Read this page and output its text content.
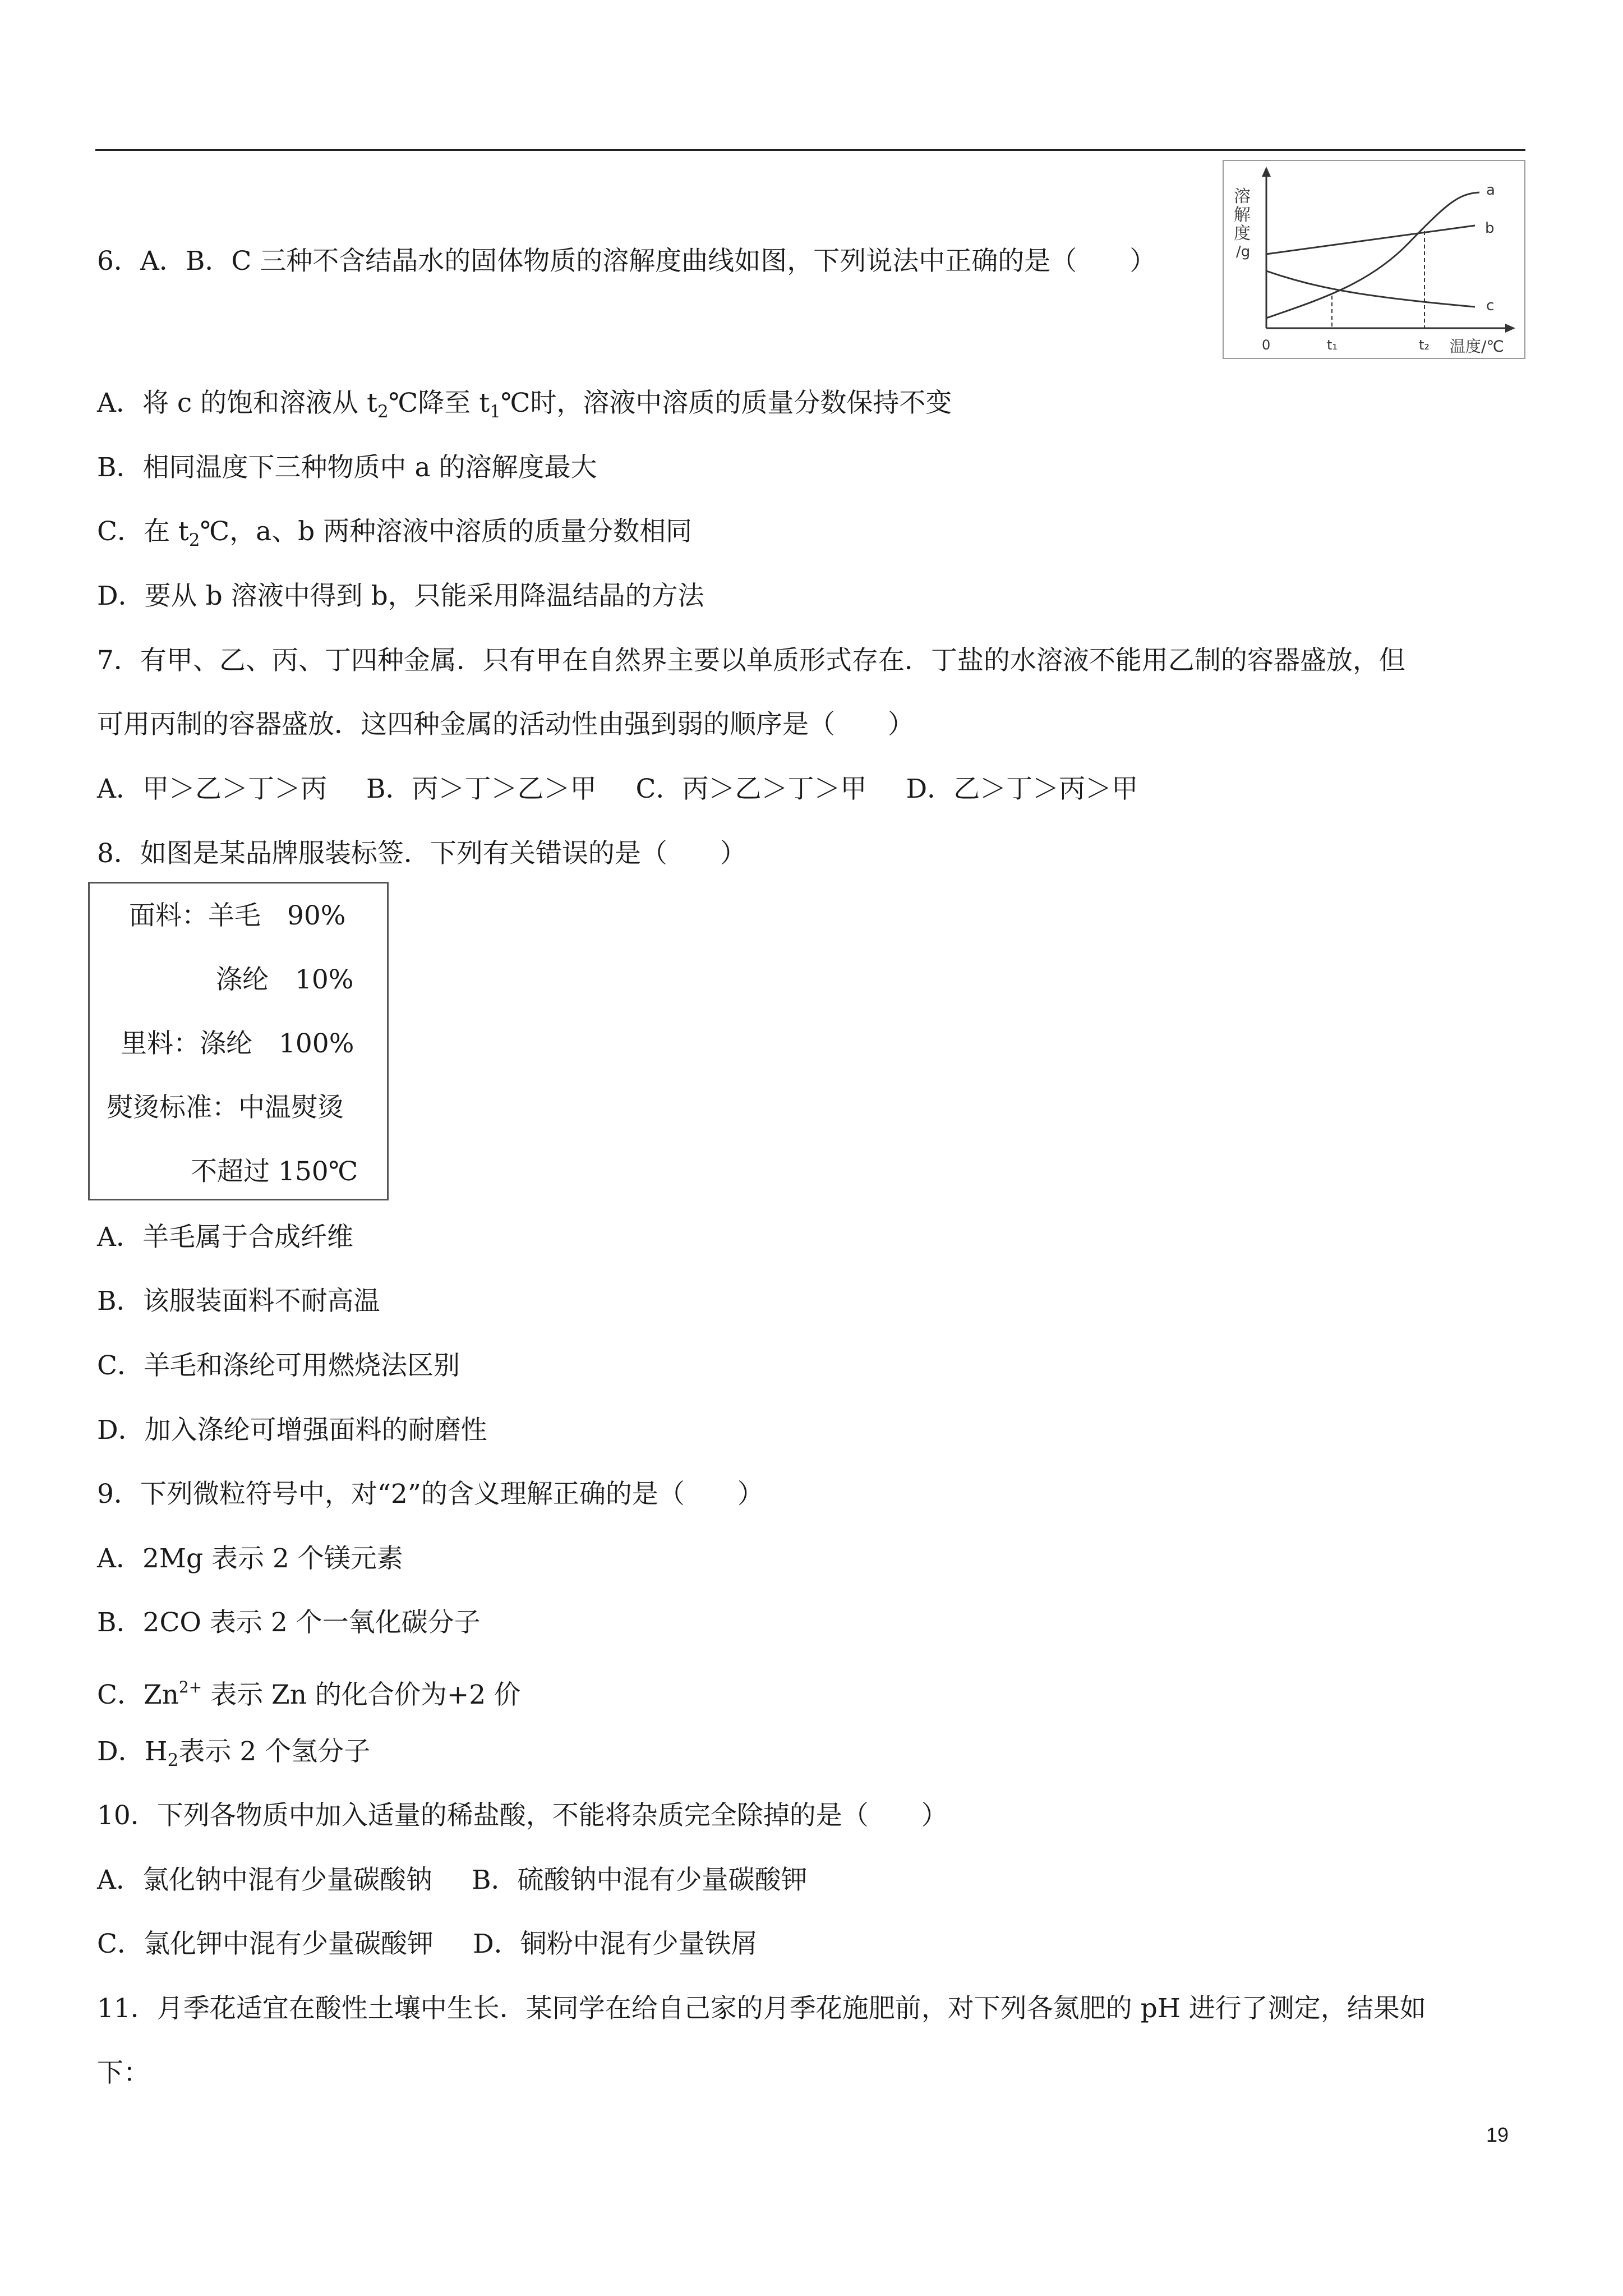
6．A．B．C 三种不含结晶水的固体物质的溶解度曲线如图，下列说法中正确的是（　　）
溶
解
度
/g
a
b
c
0	t₁	t₂ 温度/℃
A．将 c 的饱和溶液从 $t_2℃$降至 $t_1℃$时，溶液中溶质的质量分数保持不变
B．相同温度下三种物质中 a 的溶解度最大
C．在 $t_2℃$，a、b 两种溶液中溶质的质量分数相同
D．要从 b 溶液中得到 b，只能采用降温结晶的方法
7．有甲、乙、丙、丁四种金属．只有甲在自然界主要以单质形式存在．丁盐的水溶液不能用乙制的容器盛放，但
可用丙制的容器盛放．这四种金属的活动性由强到弱的顺序是（　　）
A．甲＞乙＞丁＞丙 B．丙＞丁＞乙＞甲 C．丙＞乙＞丁＞甲 D．乙＞丁＞丙＞甲
8．如图是某品牌服装标签．下列有关错误的是（　　）
面料：羊毛　90%
涤纶　10%
里料：涤纶　100%
熨烫标准：中温熨烫
不超过 150℃
A．羊毛属于合成纤维
B．该服装面料不耐高温
C．羊毛和涤纶可用燃烧法区别
D．加入涤纶可增强面料的耐磨性
9．下列微粒符号中，对“2”的含义理解正确的是（　　）
A．2Mg 表示 2 个镁元素
B．2CO 表示 2 个一氧化碳分子
C．$Zn^{2+}$ 表示 Zn 的化合价为+2 价
D．$H_2$表示 2 个氢分子
10．下列各物质中加入适量的稀盐酸，不能将杂质完全除掉的是（　　）
A．氯化钠中混有少量碳酸钠 B．硫酸钠中混有少量碳酸钾
C．氯化钾中混有少量碳酸钾 D．铜粉中混有少量铁屑
11．月季花适宜在酸性土壤中生长．某同学在给自己家的月季花施肥前，对下列各氮肥的 pH 进行了测定，结果如
下：
19
